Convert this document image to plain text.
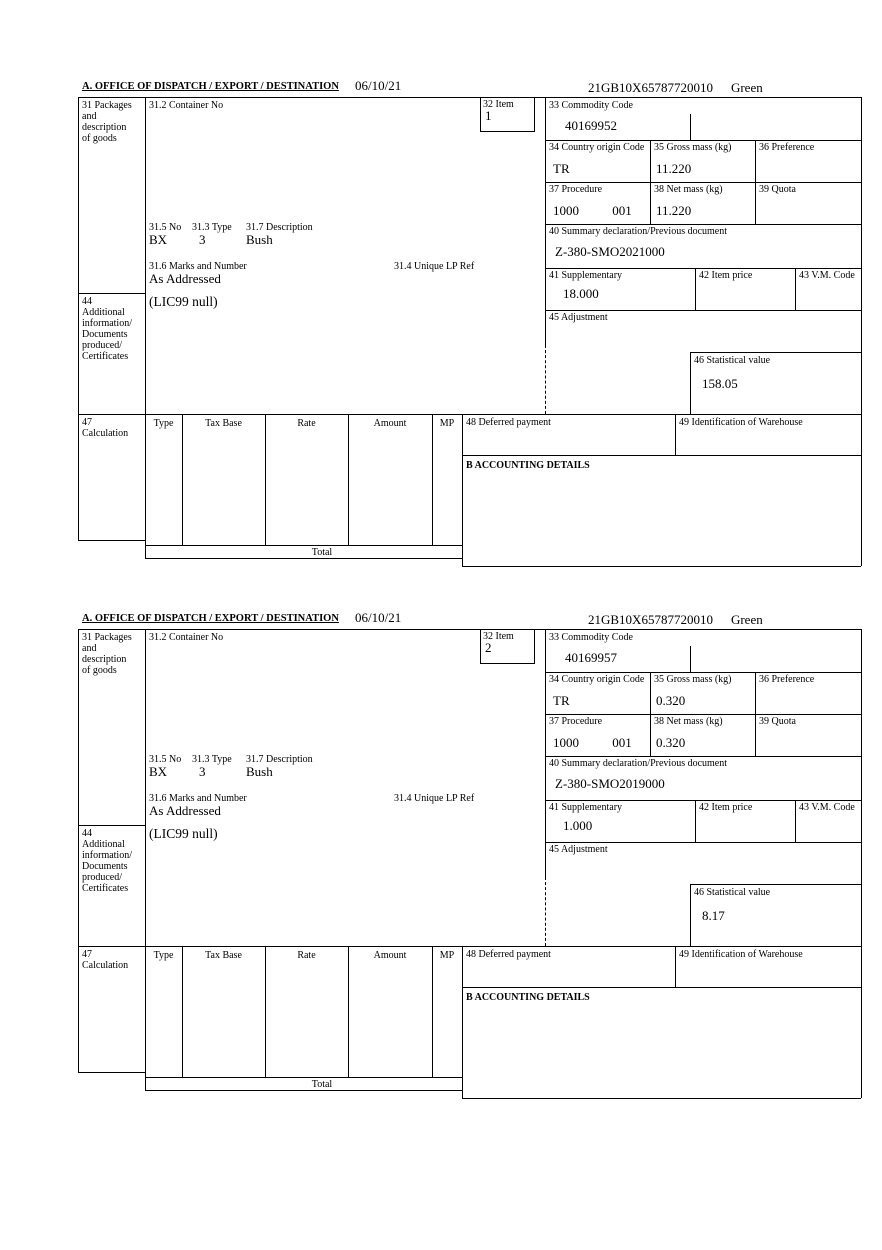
A. OFFICE OF DISPATCH / EXPORT / DESTINATION 06/10/21	21GB10X65787720010 Green
31 Packages
and
description
of goods
44
Additional
information/
Documents
produced/
Certificates
47
Calculation
31.2 Container No	32 Item
1
33 Commodity Code
40169952
34 Country origin Code
TR
35 Gross mass (kg)
11.220
36 Preference
37 Procedure
1000	001
38 Net mass (kg)
11.220
39 Quota
40 Summary declaration/Previous document
Z-380-SMO2021000
41 Supplementary
18.000
42 Item price	43 V.M. Code
45 Adjustment
46 Statistical value
158.05
31.5 No 31.3 Type 31.7 Description
BX 3	Bush
31.6 Marks and Number	31.4 Unique LP Ref
As Addressed
(LIC99 null)
Type	Tax Base	Rate	Amount	MP
Total
48 Deferred payment	49 Identification of Warehouse
B ACCOUNTING DETAILS
A. OFFICE OF DISPATCH / EXPORT / DESTINATION 06/10/21	21GB10X65787720010 Green
31 Packages
and
description
of goods
44
Additional
information/
Documents
produced/
Certificates
47
Calculation
31.2 Container No	32 Item
2
33 Commodity Code
40169957
34 Country origin Code
TR
35 Gross mass (kg)
0.320
36 Preference
37 Procedure
1000	001
38 Net mass (kg)
0.320
39 Quota
40 Summary declaration/Previous document
Z-380-SMO2019000
41 Supplementary
1.000
42 Item price	43 V.M. Code
45 Adjustment
46 Statistical value
8.17
31.5 No 31.3 Type 31.7 Description
BX 3	Bush
31.6 Marks and Number	31.4 Unique LP Ref
As Addressed
(LIC99 null)
Type	Tax Base	Rate	Amount	MP
Total
48 Deferred payment	49 Identification of Warehouse
B ACCOUNTING DETAILS
